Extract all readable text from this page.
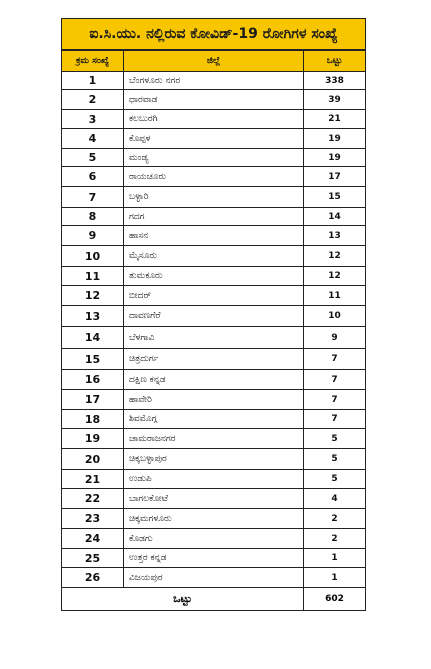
ಐ.ಸಿ.ಯು. ನಲ್ಲಿರುವ ಕೋವಿಡ್-19 ರೋಗಿಗಳ ಸಂಖ್ಯೆ		
ಕ್ರಮ ಸಂಖ್ಯೆ	ಜಿಲ್ಲೆ	ಒಟ್ಟು
1	ಬೆಂಗಳೂರು ನಗರ	338
2	ಧಾರವಾಡ	39
3	ಕಲಬುರಗಿ	21
4	ಕೊಪ್ಪಳ	19
5	ಮಂಡ್ಯ	19
6	ರಾಯಚೂರು	17
7	ಬಳ್ಳಾರಿ	15
8	ಗದಗ	14
9	ಹಾಸನ	13
10	ಮೈಸೂರು	12
11	ತುಮಕೂರು	12
12	ಬೀದರ್	11
13	ದಾವಣಗೆರೆ	10
14	ಬೆಳಗಾವಿ	9
15	ಚಿತ್ರದುರ್ಗ	7
16	ದಕ್ಷಿಣ ಕನ್ನಡ	7
17	ಹಾವೇರಿ	7
18	ಶಿವಮೊಗ್ಗ	7
19	ಚಾಮರಾಜನಗರ	5
20	ಚಿಕ್ಕಬಳ್ಳಾಪುರ	5
21	ಉಡುಪಿ	5
22	ಬಾಗಲಕೋಟೆ	4
23	ಚಿಕ್ಕಮಗಳೂರು	2
24	ಕೊಡಗು	2
25	ಉತ್ತರ ಕನ್ನಡ	1
26	ವಿಜಯಪುರ	1
ಒಟ್ಟು		602
